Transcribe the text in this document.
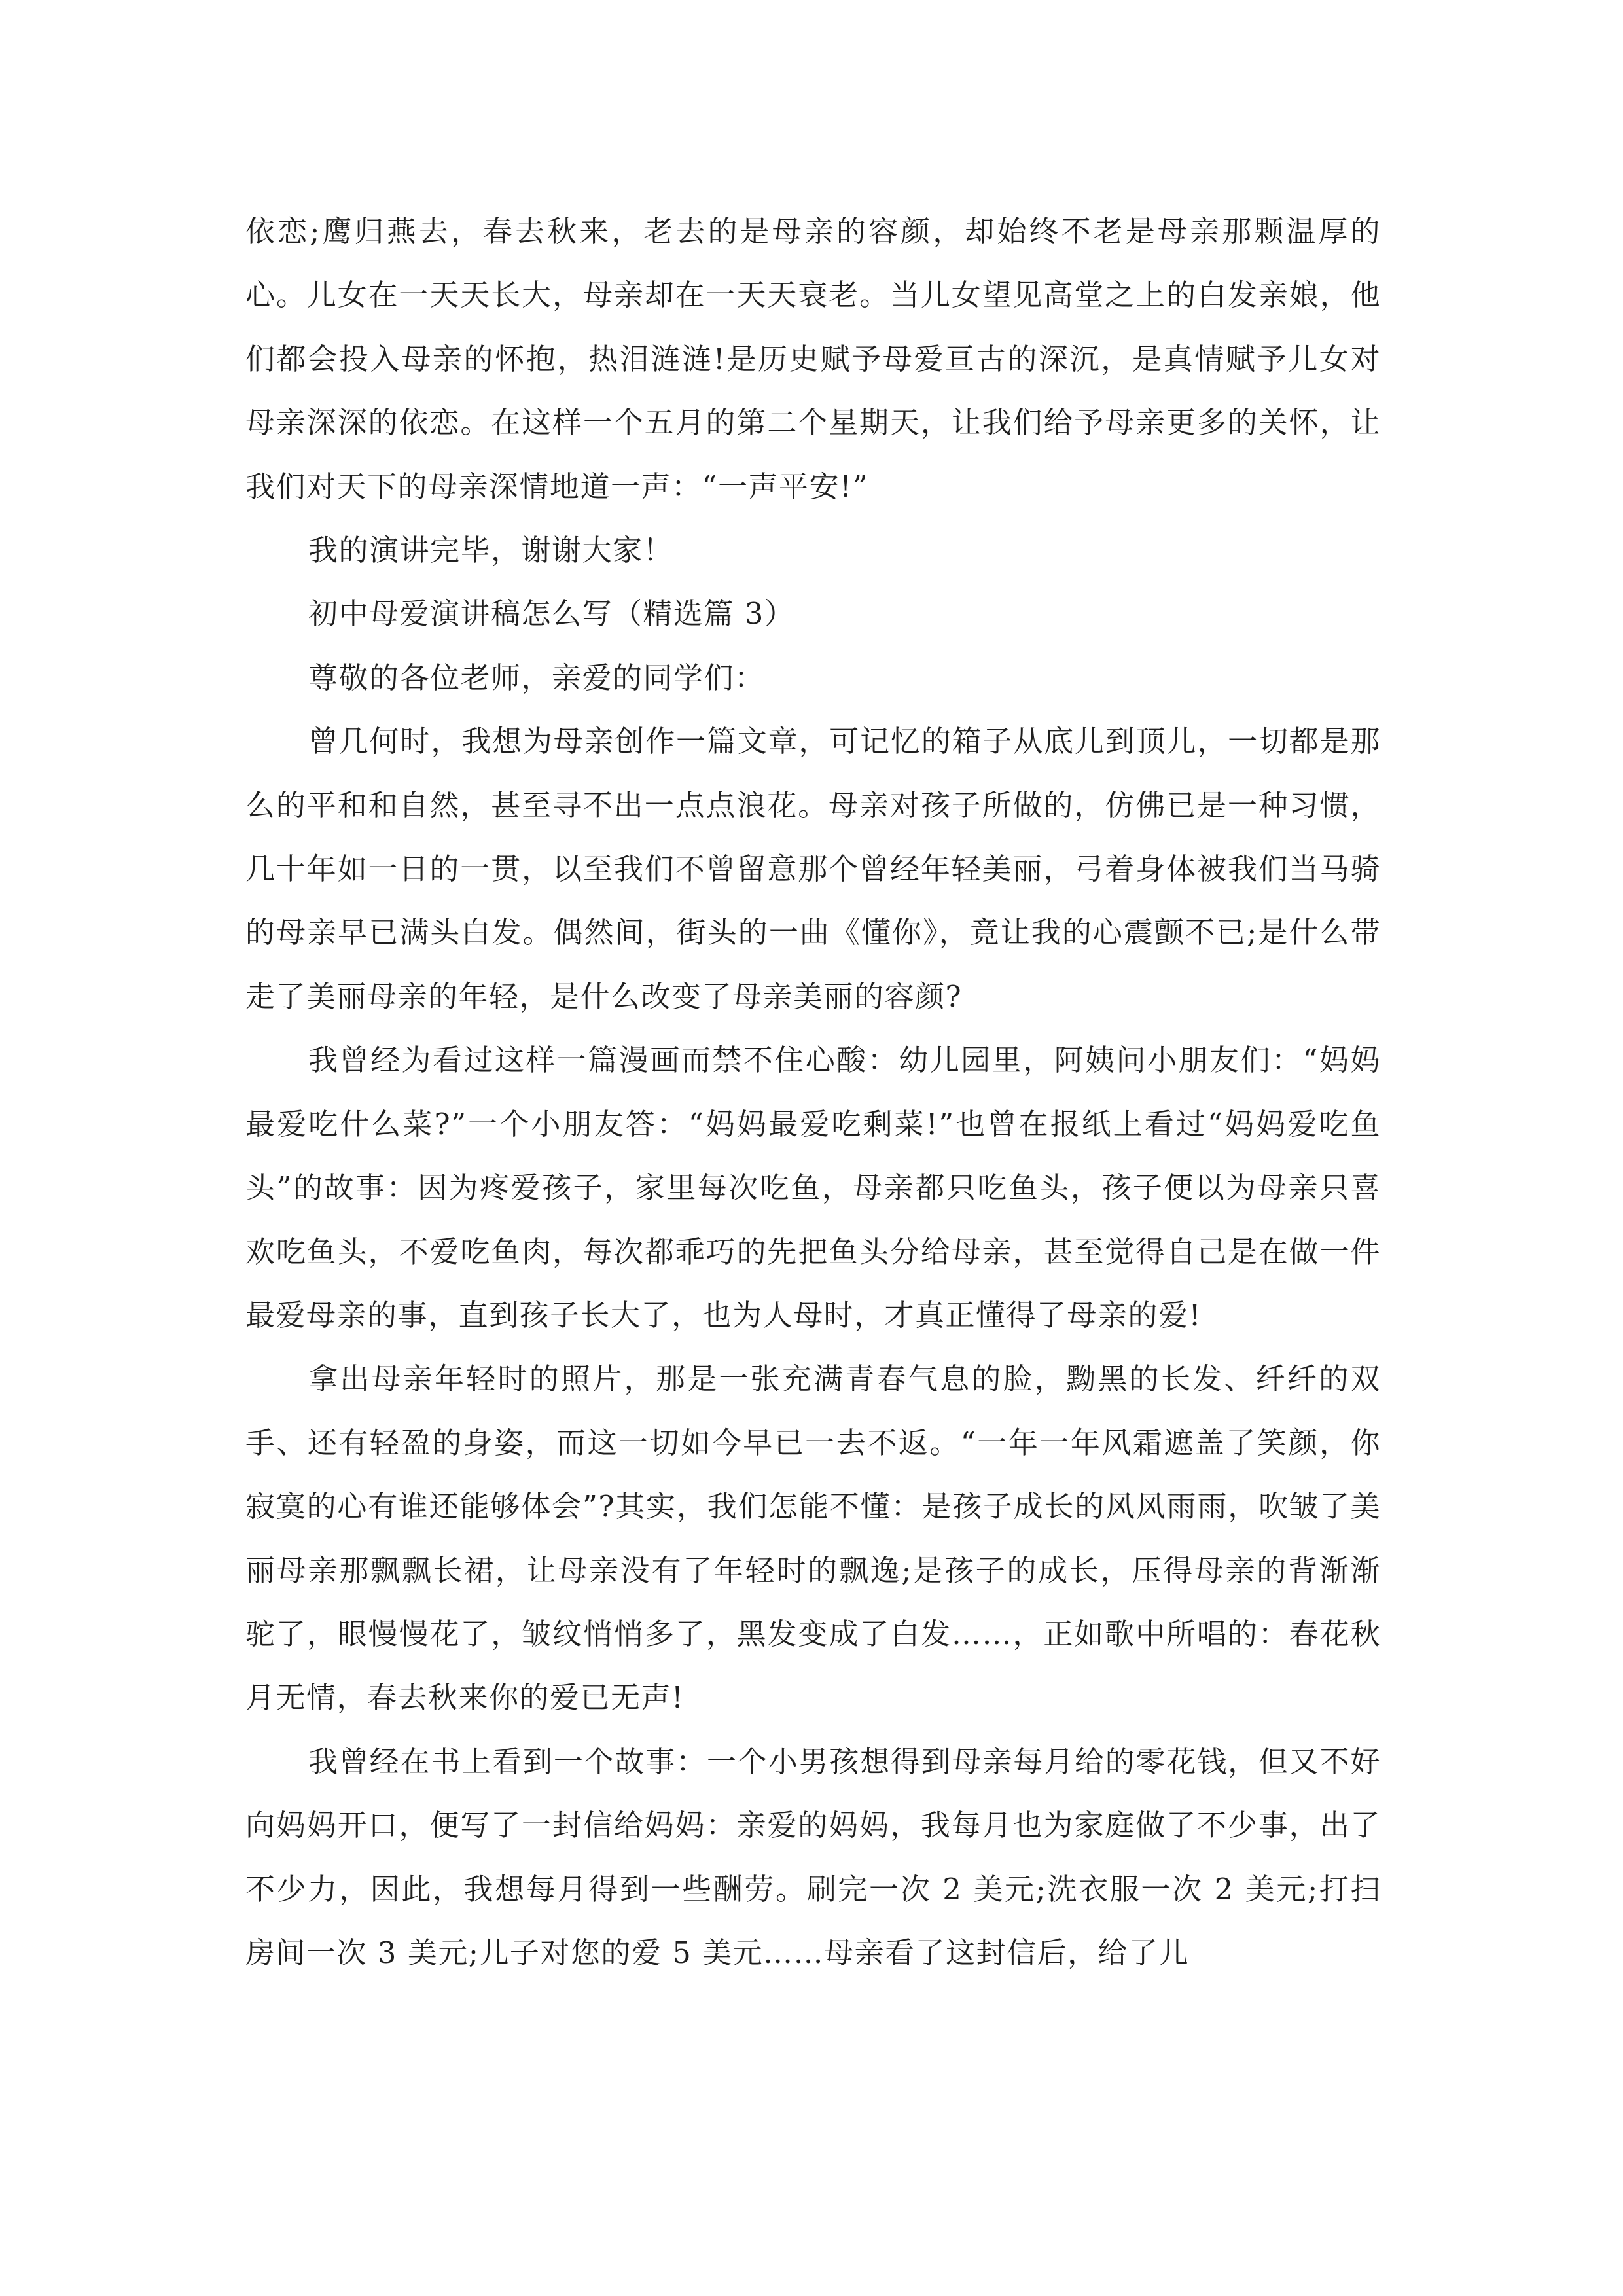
依恋;鹰归燕去，春去秋来，老去的是母亲的容颜，却始终不老是母亲那颗温厚的心。儿女在一天天长大，母亲却在一天天衰老。当儿女望见高堂之上的白发亲娘，他们都会投入母亲的怀抱，热泪涟涟!是历史赋予母爱亘古的深沉，是真情赋予儿女对母亲深深的依恋。在这样一个五月的第二个星期天，让我们给予母亲更多的关怀，让我们对天下的母亲深情地道一声：“一声平安!”

我的演讲完毕，谢谢大家！

初中母爱演讲稿怎么写（精选篇 3）

尊敬的各位老师，亲爱的同学们：

曾几何时，我想为母亲创作一篇文章，可记忆的箱子从底儿到顶儿，一切都是那么的平和和自然，甚至寻不出一点点浪花。母亲对孩子所做的，仿佛已是一种习惯，几十年如一日的一贯，以至我们不曾留意那个曾经年轻美丽，弓着身体被我们当马骑的母亲早已满头白发。偶然间，街头的一曲《懂你》，竟让我的心震颤不已;是什么带走了美丽母亲的年轻，是什么改变了母亲美丽的容颜?

我曾经为看过这样一篇漫画而禁不住心酸：幼儿园里，阿姨问小朋友们：“妈妈最爱吃什么菜?”一个小朋友答：“妈妈最爱吃剩菜!”也曾在报纸上看过“妈妈爱吃鱼头”的故事：因为疼爱孩子，家里每次吃鱼，母亲都只吃鱼头，孩子便以为母亲只喜欢吃鱼头，不爱吃鱼肉，每次都乖巧的先把鱼头分给母亲，甚至觉得自己是在做一件最爱母亲的事，直到孩子长大了，也为人母时，才真正懂得了母亲的爱!

拿出母亲年轻时的照片，那是一张充满青春气息的脸，黝黑的长发、纤纤的双手、还有轻盈的身姿，而这一切如今早已一去不返。“一年一年风霜遮盖了笑颜，你寂寞的心有谁还能够体会”?其实，我们怎能不懂：是孩子成长的风风雨雨，吹皱了美丽母亲那飘飘长裙，让母亲没有了年轻时的飘逸;是孩子的成长，压得母亲的背渐渐驼了，眼慢慢花了，皱纹悄悄多了，黑发变成了白发……，正如歌中所唱的：春花秋月无情，春去秋来你的爱已无声!

我曾经在书上看到一个故事：一个小男孩想得到母亲每月给的零花钱，但又不好向妈妈开口，便写了一封信给妈妈：亲爱的妈妈，我每月也为家庭做了不少事，出了不少力，因此，我想每月得到一些酬劳。刷完一次 2 美元;洗衣服一次 2 美元;打扫房间一次 3 美元;儿子对您的爱 5 美元……母亲看了这封信后，给了儿
